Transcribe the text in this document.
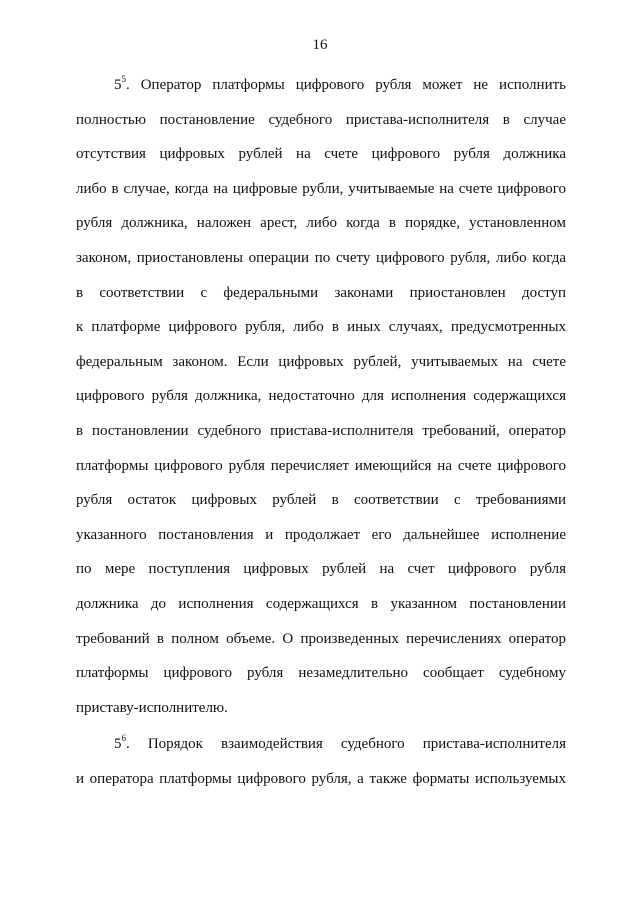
16
$5^5$. Оператор платформы цифрового рубля может не исполнить
полностью постановление судебного пристава-исполнителя в случае
отсутствия цифровых рублей на счете цифрового рубля должника
либо в случае, когда на цифровые рубли, учитываемые на счете цифрового
рубля должника, наложен арест, либо когда в порядке, установленном
законом, приостановлены операции по счету цифрового рубля, либо когда
в соответствии с федеральными законами приостановлен доступ
к платформе цифрового рубля, либо в иных случаях, предусмотренных
федеральным законом. Если цифровых рублей, учитываемых на счете
цифрового рубля должника, недостаточно для исполнения содержащихся
в постановлении судебного пристава-исполнителя требований, оператор
платформы цифрового рубля перечисляет имеющийся на счете цифрового
рубля остаток цифровых рублей в соответствии с требованиями
указанного постановления и продолжает его дальнейшее исполнение
по мере поступления цифровых рублей на счет цифрового рубля
должника до исполнения содержащихся в указанном постановлении
требований в полном объеме. О произведенных перечислениях оператор
платформы цифрового рубля незамедлительно сообщает судебному
приставу-исполнителю.
$5^6$. Порядок взаимодействия судебного пристава-исполнителя
и оператора платформы цифрового рубля, а также форматы используемых
